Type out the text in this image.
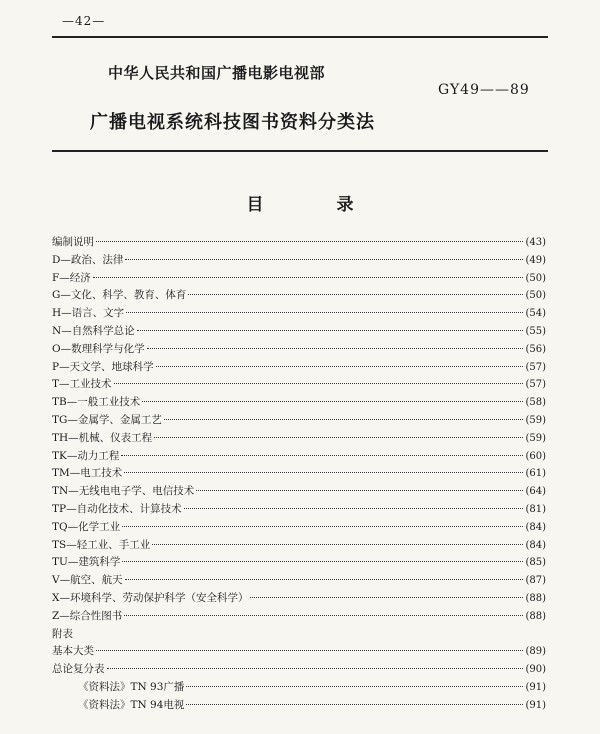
—42—
中华人民共和国广播电影电视部
GY49——89
广播电视系统科技图书资料分类法
目　录
编制说明	(43)
D—政治、法律	(49)
F—经济	(50)
G—文化、科学、教育、体育	(50)
H—语言、文字	(54)
N—自然科学总论	(55)
O—数理科学与化学	(56)
P—天文学、地球科学	(57)
T—工业技术	(57)
TB—一般工业技术	(58)
TG—金属学、金属工艺	(59)
TH—机械、仪表工程	(59)
TK—动力工程	(60)
TM—电工技术	(61)
TN—无线电电子学、电信技术	(64)
TP—自动化技术、计算技术	(81)
TQ—化学工业	(84)
TS—轻工业、手工业	(84)
TU—建筑科学	(85)
V—航空、航天	(87)
X—环境科学、劳动保护科学（安全科学）	(88)
Z—综合性图书	(88)
附表
基本大类	(89)
总论复分表	(90)
《资料法》TN 93广播	(91)
《资料法》TN 94电视	(91)
